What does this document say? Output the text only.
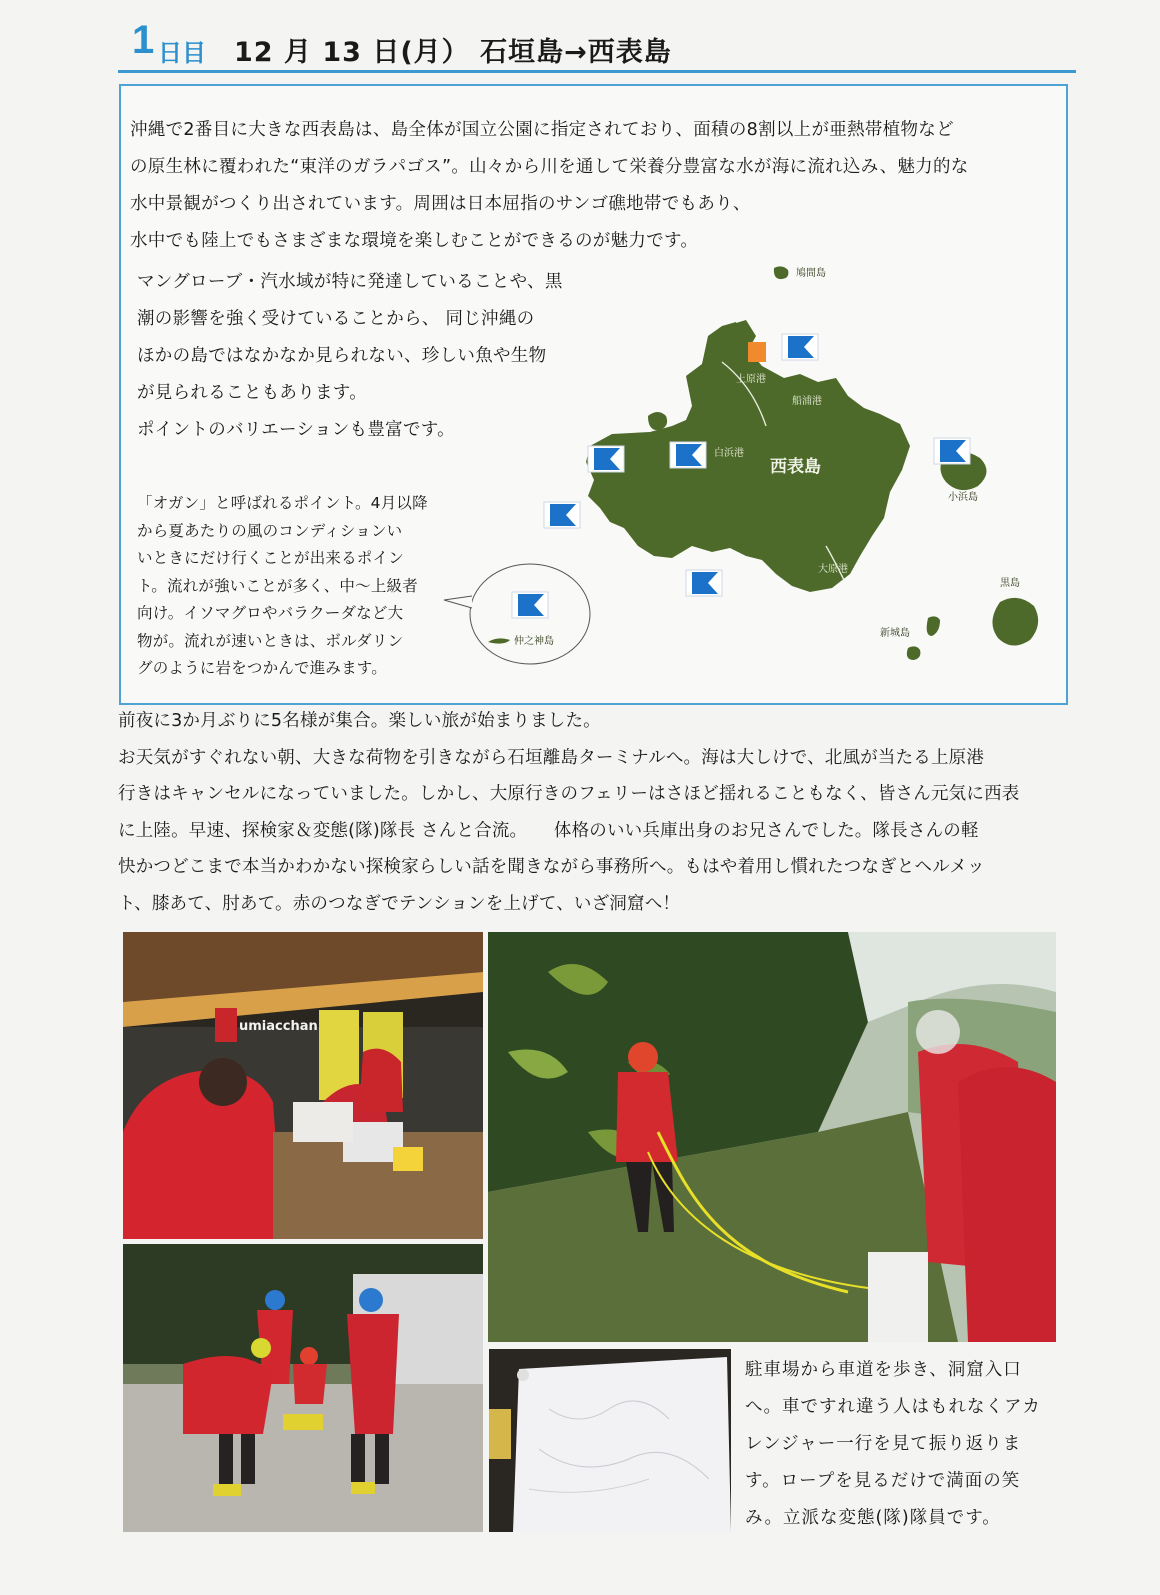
1 日目 12 月 13 日(月） 石垣島→西表島
沖縄で2番目に大きな西表島は、島全体が国立公園に指定されており、面積の8割以上が亜熱帯植物など
の原生林に覆われた“東洋のガラパゴス”。山々から川を通して栄養分豊富な水が海に流れ込み、魅力的な
水中景観がつくり出されています。周囲は日本屈指のサンゴ礁地帯でもあり、
水中でも陸上でもさまざまな環境を楽しむことができるのが魅力です。
マングローブ・汽水域が特に発達していることや、黒
潮の影響を強く受けていることから、 同じ沖縄の
ほかの島ではなかなか見られない、珍しい魚や生物
が見られることもあります。
ポイントのバリエーションも豊富です。
「オガン」と呼ばれるポイント。4月以降
から夏あたりの風のコンディションい
いときにだけ行くことが出来るポイン
ト。流れが強いことが多く、中～上級者
向け。イソマグロやバラクーダなど大
物が。流れが速いときは、ボルダリン
グのように岩をつかんで進みます。
鳩間島
小浜島
黒島
新城島
上原港
船浦港
白浜港
大原港
西表島
仲之神島
前夜に3か月ぶりに5名様が集合。楽しい旅が始まりました。
お天気がすぐれない朝、大きな荷物を引きながら石垣離島ターミナルへ。海は大しけで、北風が当たる上原港
行きはキャンセルになっていました。しかし、大原行きのフェリーはさほど揺れることもなく、皆さん元気に西表
に上陸。早速、探検家＆変態(隊)隊長 さんと合流。　　体格のいい兵庫出身のお兄さんでした。隊長さんの軽
快かつどこまで本当かわかない探検家らしい話を聞きながら事務所へ。もはや着用し慣れたつなぎとヘルメッ
ト、膝あて、肘あて。赤のつなぎでテンションを上げて、いざ洞窟へ！
umiacchan
駐車場から車道を歩き、洞窟入口
へ。車ですれ違う人はもれなくアカ
レンジャー一行を見て振り返りま
す。ロープを見るだけで満面の笑
み。立派な変態(隊)隊員です。
